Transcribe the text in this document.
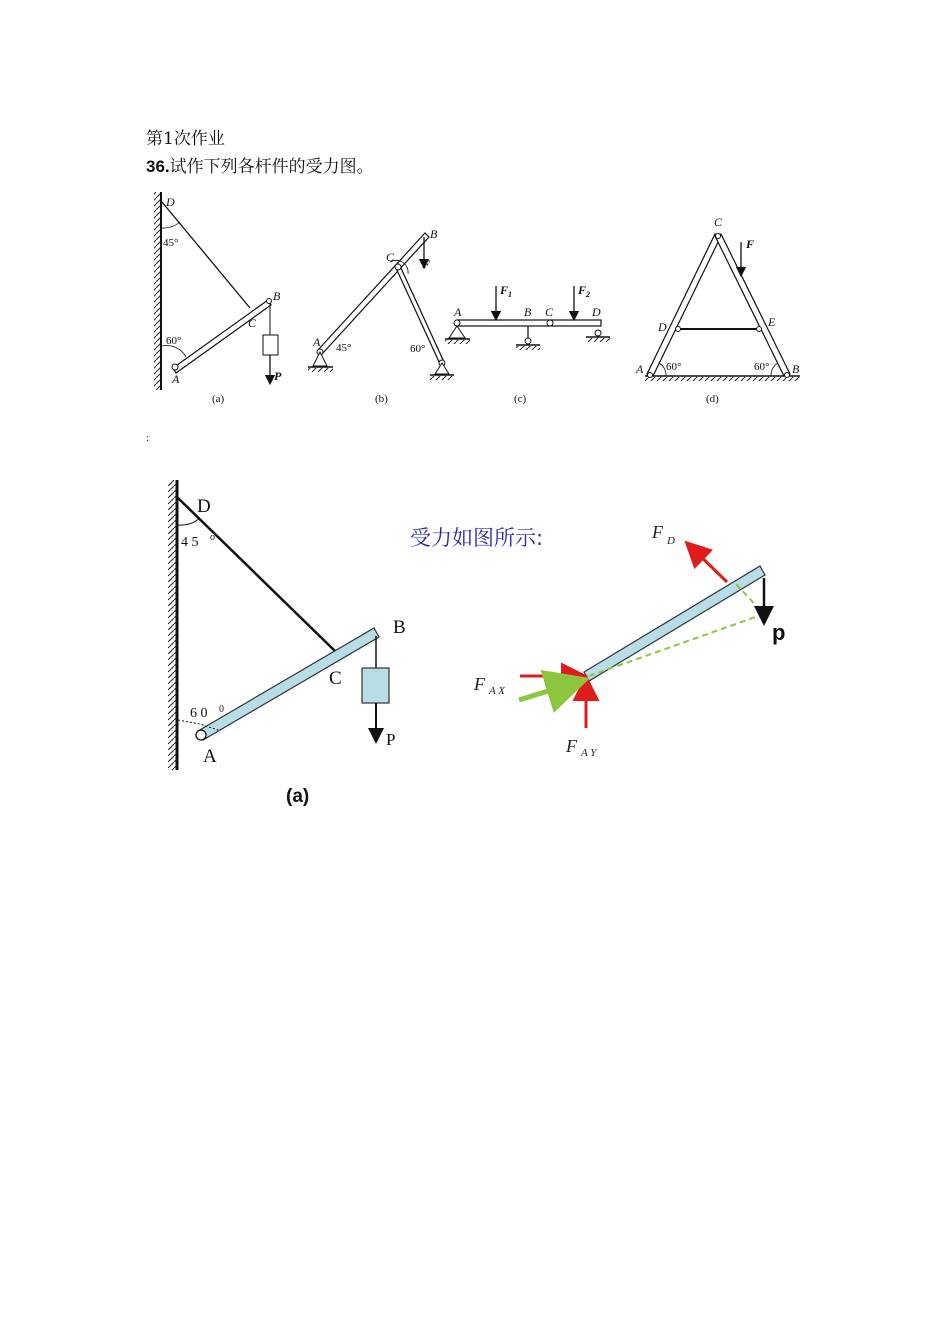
第1次作业
36.试作下列各杆件的受力图。
D
45°
60°
B
C
A	P
(a)
B
C F
A 45°	60°
(b)
$F_1$	$F_2$
A	B C	D
(c)
C
F
D	E
A 60°	60° B
(d)
:
D
4 5 o
B
C
6 0 0
A
P
(a)
受力如图所示:	F $_D$
p
F $_{A X}$
F $_{A Y}$
